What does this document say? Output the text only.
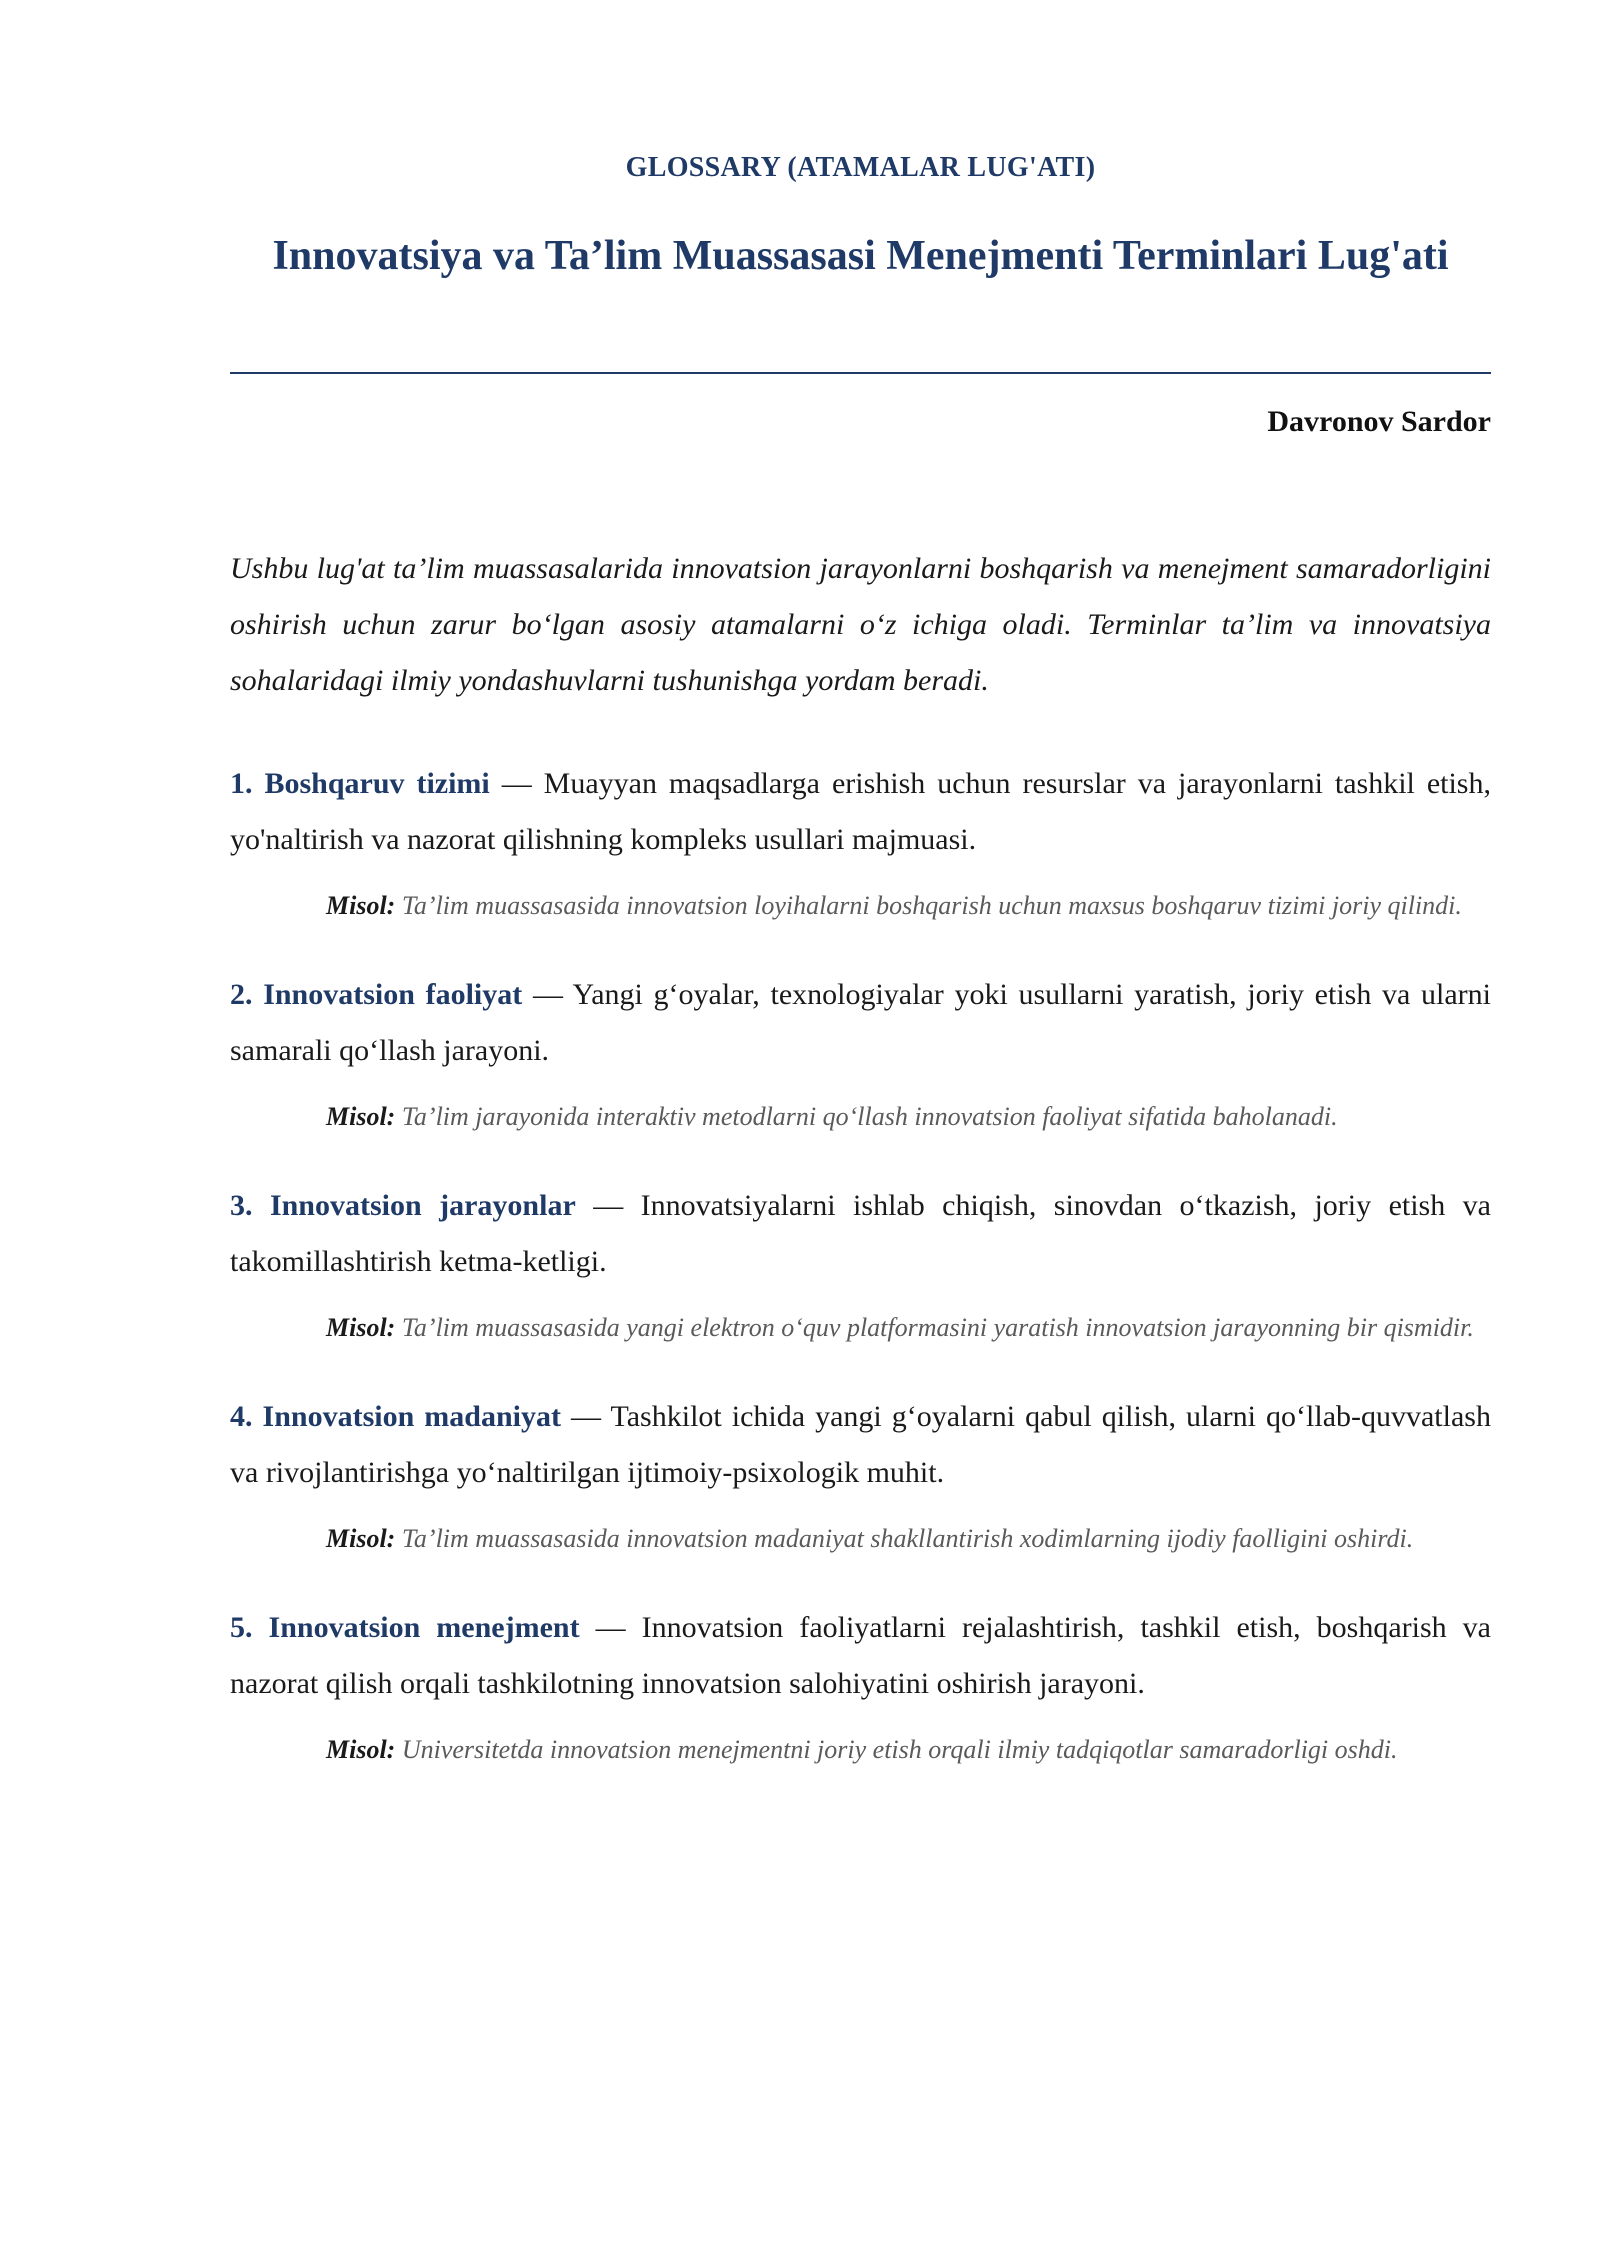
GLOSSARY (ATAMALAR LUG'ATI)
Innovatsiya va Ta’lim Muassasasi Menejmenti Terminlari Lug'ati
Davronov Sardor

Ushbu lug'at ta’lim muassasalarida innovatsion jarayonlarni boshqarish va menejment samaradorligini oshirish uchun zarur bo‘lgan asosiy atamalarni o‘z ichiga oladi. Terminlar ta’lim va innovatsiya sohalaridagi ilmiy yondashuvlarni tushunishga yordam beradi.

1. Boshqaruv tizimi — Muayyan maqsadlarga erishish uchun resurslar va jarayonlarni tashkil etish, yo'naltirish va nazorat qilishning kompleks usullari majmuasi.

Misol: Ta’lim muassasasida innovatsion loyihalarni boshqarish uchun maxsus boshqaruv tizimi joriy qilindi.

2. Innovatsion faoliyat — Yangi g‘oyalar, texnologiyalar yoki usullarni yaratish, joriy etish va ularni samarali qo‘llash jarayoni.

Misol: Ta’lim jarayonida interaktiv metodlarni qo‘llash innovatsion faoliyat sifatida baholanadi.

3. Innovatsion jarayonlar — Innovatsiyalarni ishlab chiqish, sinovdan o‘tkazish, joriy etish va takomillashtirish ketma-ketligi.

Misol: Ta’lim muassasasida yangi elektron o‘quv platformasini yaratish innovatsion jarayonning bir qismidir.

4. Innovatsion madaniyat — Tashkilot ichida yangi g‘oyalarni qabul qilish, ularni qo‘llab-quvvatlash va rivojlantirishga yo‘naltirilgan ijtimoiy-psixologik muhit.

Misol: Ta’lim muassasasida innovatsion madaniyat shakllantirish xodimlarning ijodiy faolligini oshirdi.

5. Innovatsion menejment — Innovatsion faoliyatlarni rejalashtirish, tashkil etish, boshqarish va nazorat qilish orqali tashkilotning innovatsion salohiyatini oshirish jarayoni.

Misol: Universitetda innovatsion menejmentni joriy etish orqali ilmiy tadqiqotlar samaradorligi oshdi.
